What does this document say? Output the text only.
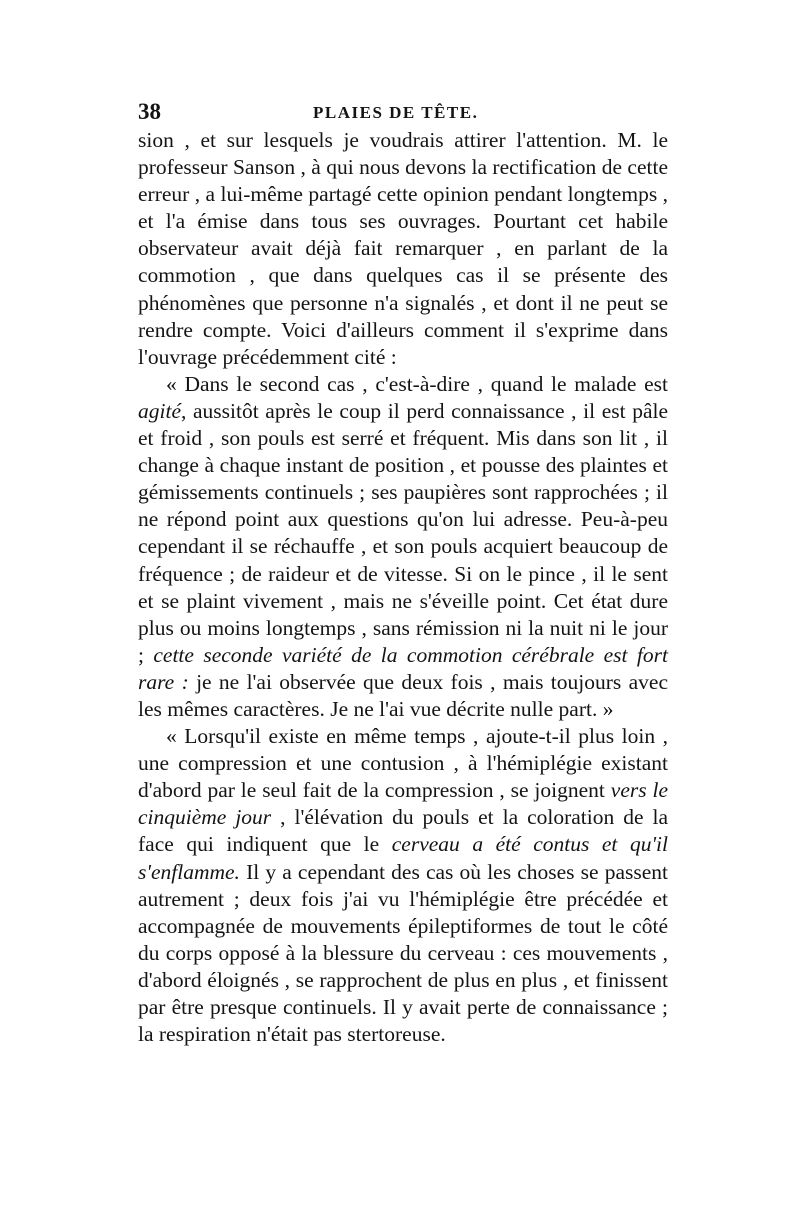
38	PLAIES DE TÊTE.

sion , et sur lesquels je voudrais attirer l'attention. M. le professeur Sanson , à qui nous devons la rectification de cette erreur , a lui-même partagé cette opinion pendant longtemps , et l'a émise dans tous ses ouvrages. Pourtant cet habile observateur avait déjà fait remarquer , en parlant de la commotion , que dans quelques cas il se présente des phénomènes que personne n'a signalés , et dont il ne peut se rendre compte. Voici d'ailleurs comment il s'exprime dans l'ouvrage précédemment cité :

« Dans le second cas , c'est-à-dire , quand le malade est agité, aussitôt après le coup il perd connaissance , il est pâle et froid , son pouls est serré et fréquent. Mis dans son lit , il change à chaque instant de position , et pousse des plaintes et gémissements continuels ; ses paupières sont rapprochées ; il ne répond point aux questions qu'on lui adresse. Peu-à-peu cependant il se réchauffe , et son pouls acquiert beaucoup de fréquence ; de raideur et de vitesse. Si on le pince , il le sent et se plaint vivement , mais ne s'éveille point. Cet état dure plus ou moins longtemps , sans rémission ni la nuit ni le jour ; cette seconde variété de la commotion cérébrale est fort rare : je ne l'ai observée que deux fois , mais toujours avec les mêmes caractères. Je ne l'ai vue décrite nulle part. »

« Lorsqu'il existe en même temps , ajoute-t-il plus loin , une compression et une contusion , à l'hémiplégie existant d'abord par le seul fait de la compression , se joignent vers le cinquième jour , l'élévation du pouls et la coloration de la face qui indiquent que le cerveau a été contus et qu'il s'enflamme. Il y a cependant des cas où les choses se passent autrement ; deux fois j'ai vu l'hémiplégie être précédée et accompagnée de mouvements épileptiformes de tout le côté du corps opposé à la blessure du cerveau : ces mouvements , d'abord éloignés , se rapprochent de plus en plus , et finissent par être presque continuels. Il y avait perte de connaissance ; la respiration n'était pas stertoreuse.
